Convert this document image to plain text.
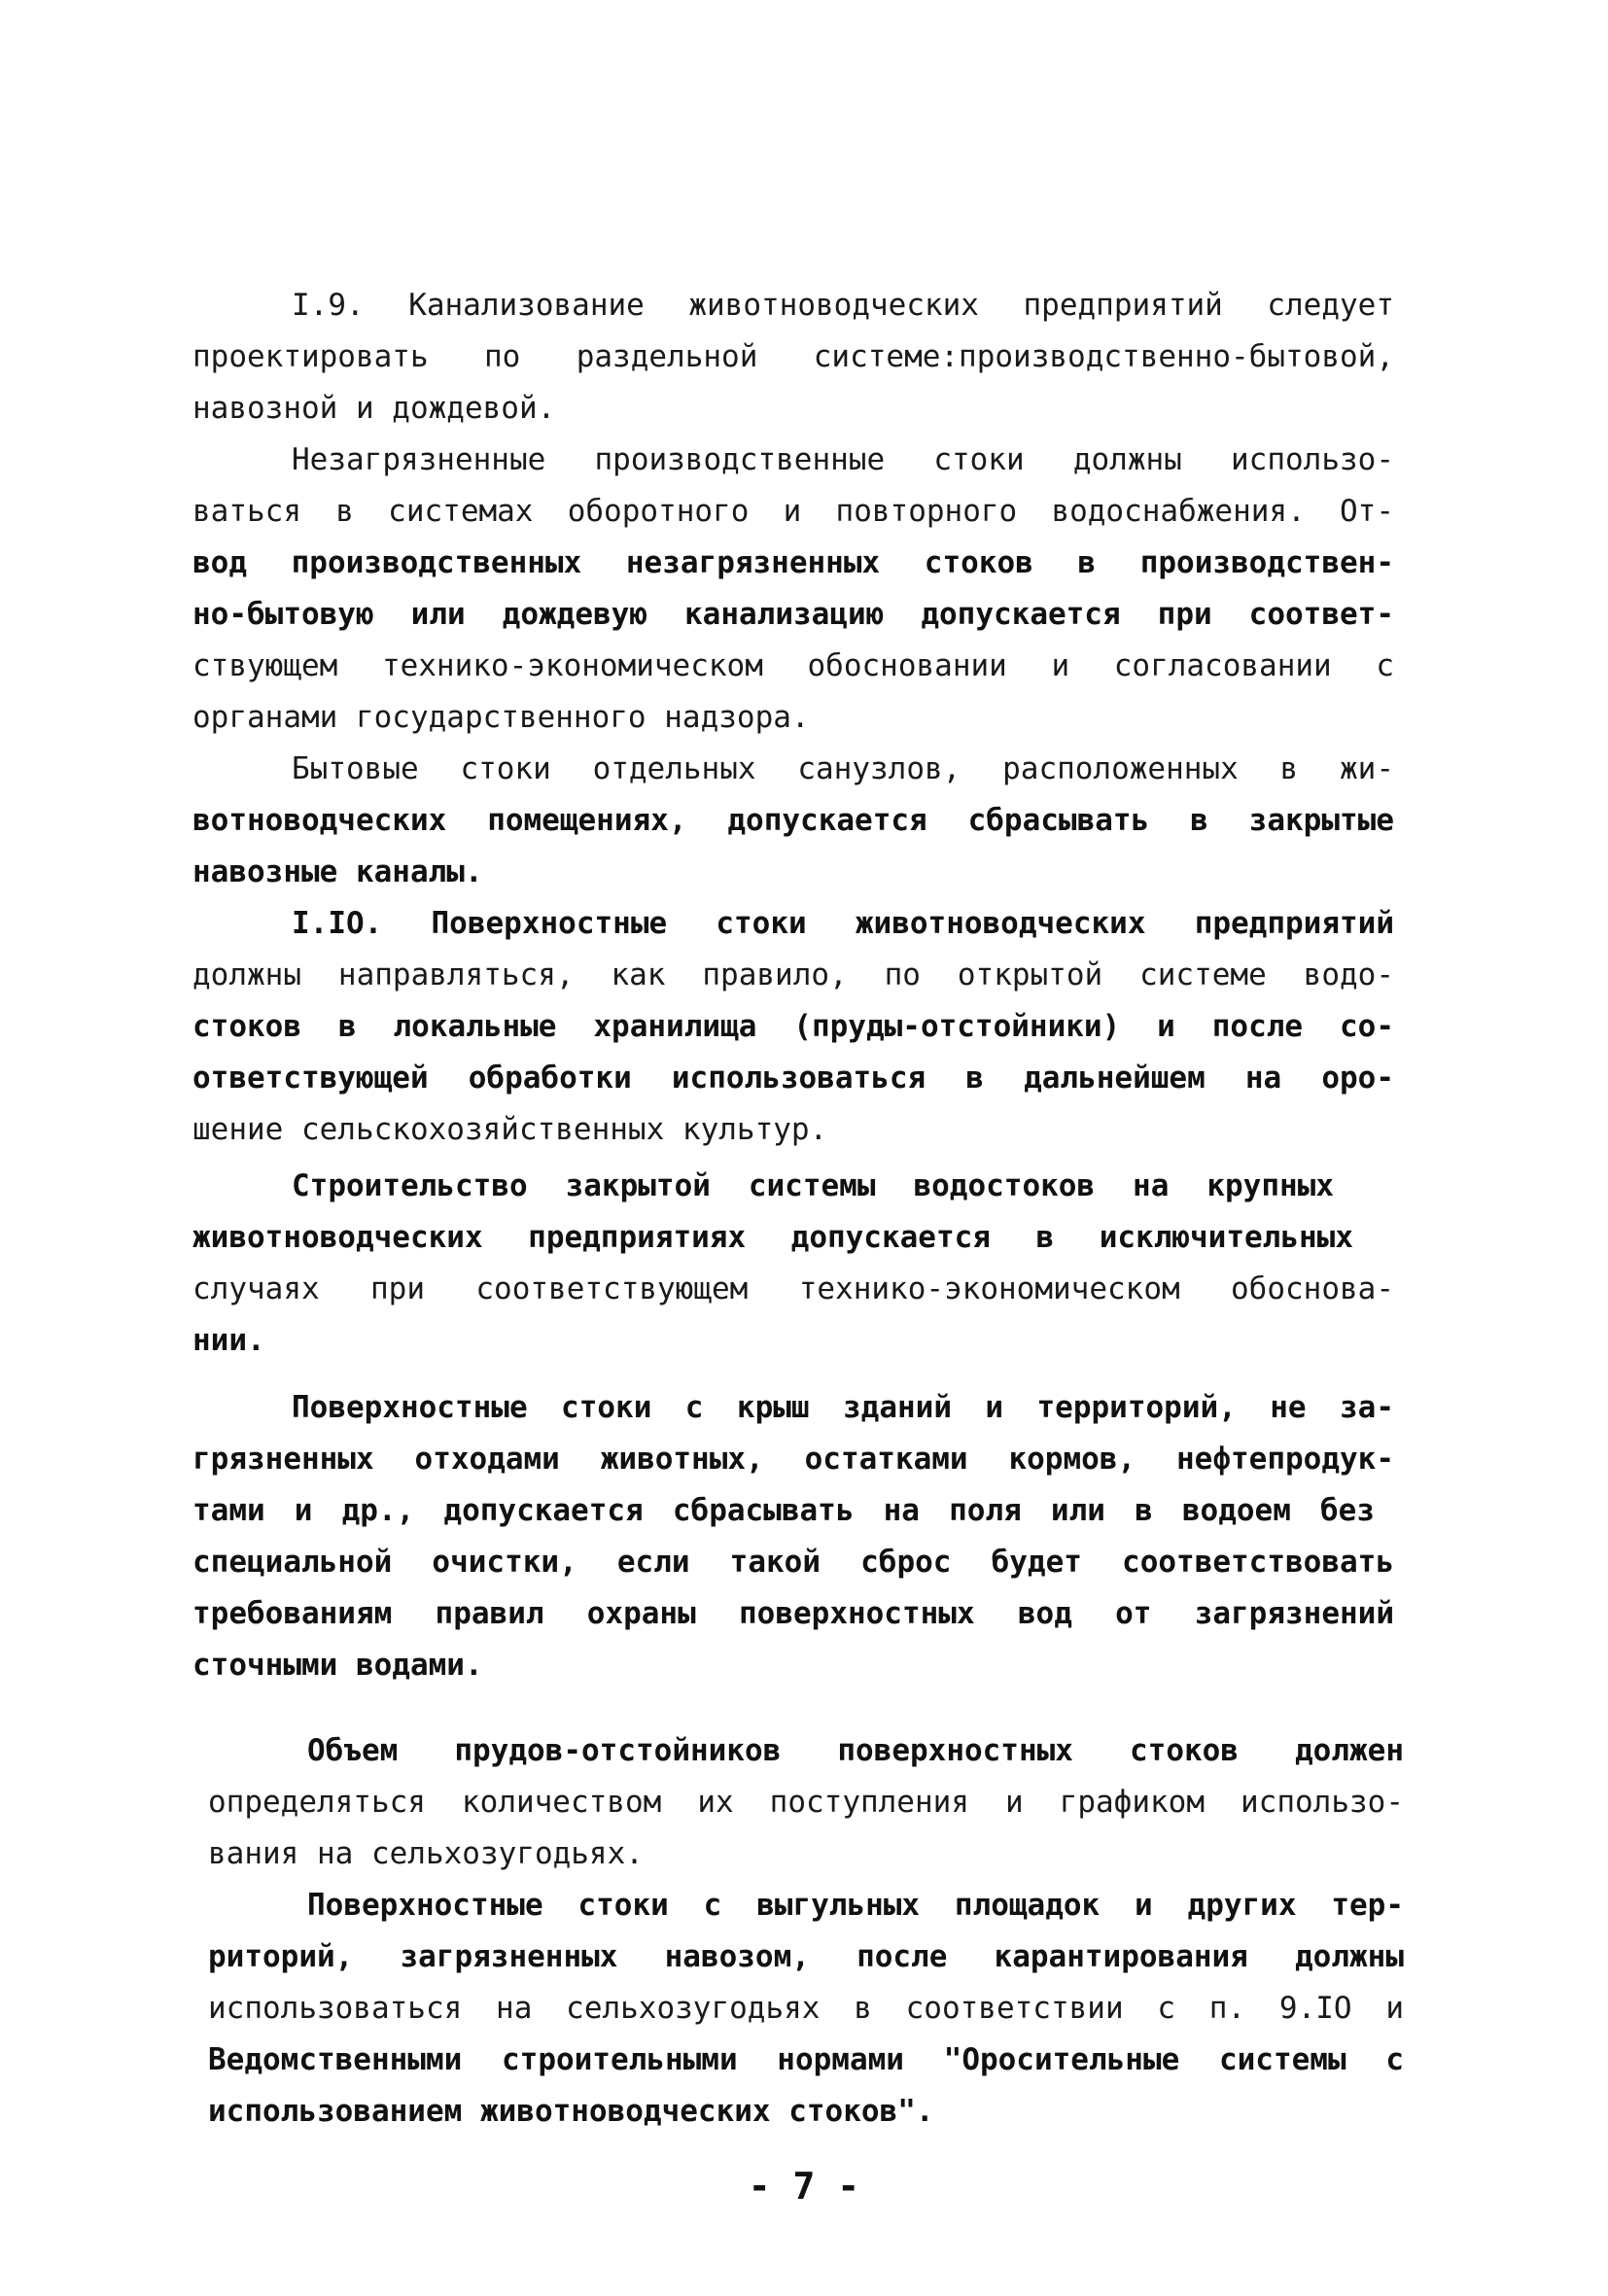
I.9. Канализование животноводческих предприятий следует
проектировать по раздельной системе:производственно-бытовой,
навозной и дождевой.
Незагрязненные производственные стоки должны использо-
ваться в системах оборотного и повторного водоснабжения. От-
вод производственных незагрязненных стоков в производствен-
но-бытовую или дождевую канализацию допускается при соответ-
ствующем технико-экономическом обосновании и согласовании с
органами государственного надзора.
Бытовые стоки отдельных санузлов, расположенных в жи-
вотноводческих помещениях, допускается сбрасывать в закрытые
навозные каналы.
I.IO. Поверхностные стоки животноводческих предприятий
должны направляться, как правило, по открытой системе водо-
стоков в локальные хранилища (пруды-отстойники) и после со-
ответствующей обработки использоваться в дальнейшем на оро-
шение сельскохозяйственных культур.
Строительство закрытой системы водостоков на крупных
животноводческих предприятиях допускается в исключительных
случаях при соответствующем технико-экономическом обоснова-
нии.
Поверхностные стоки с крыш зданий и территорий, не за-
грязненных отходами животных, остатками кормов, нефтепродук-
тами и др., допускается сбрасывать на поля или в водоем без
специальной очистки, если такой сброс будет соответствовать
требованиям правил охраны поверхностных вод от загрязнений
сточными водами.
Объем прудов-отстойников поверхностных стоков должен
определяться количеством их поступления и графиком использо-
вания на сельхозугодьях.
Поверхностные стоки с выгульных площадок и других тер-
риторий, загрязненных навозом, после карантирования должны
использоваться на сельхозугодьях в соответствии с п. 9.IO и
Ведомственными строительными нормами "Оросительные системы с
использованием животноводческих стоков".
- 7 -
